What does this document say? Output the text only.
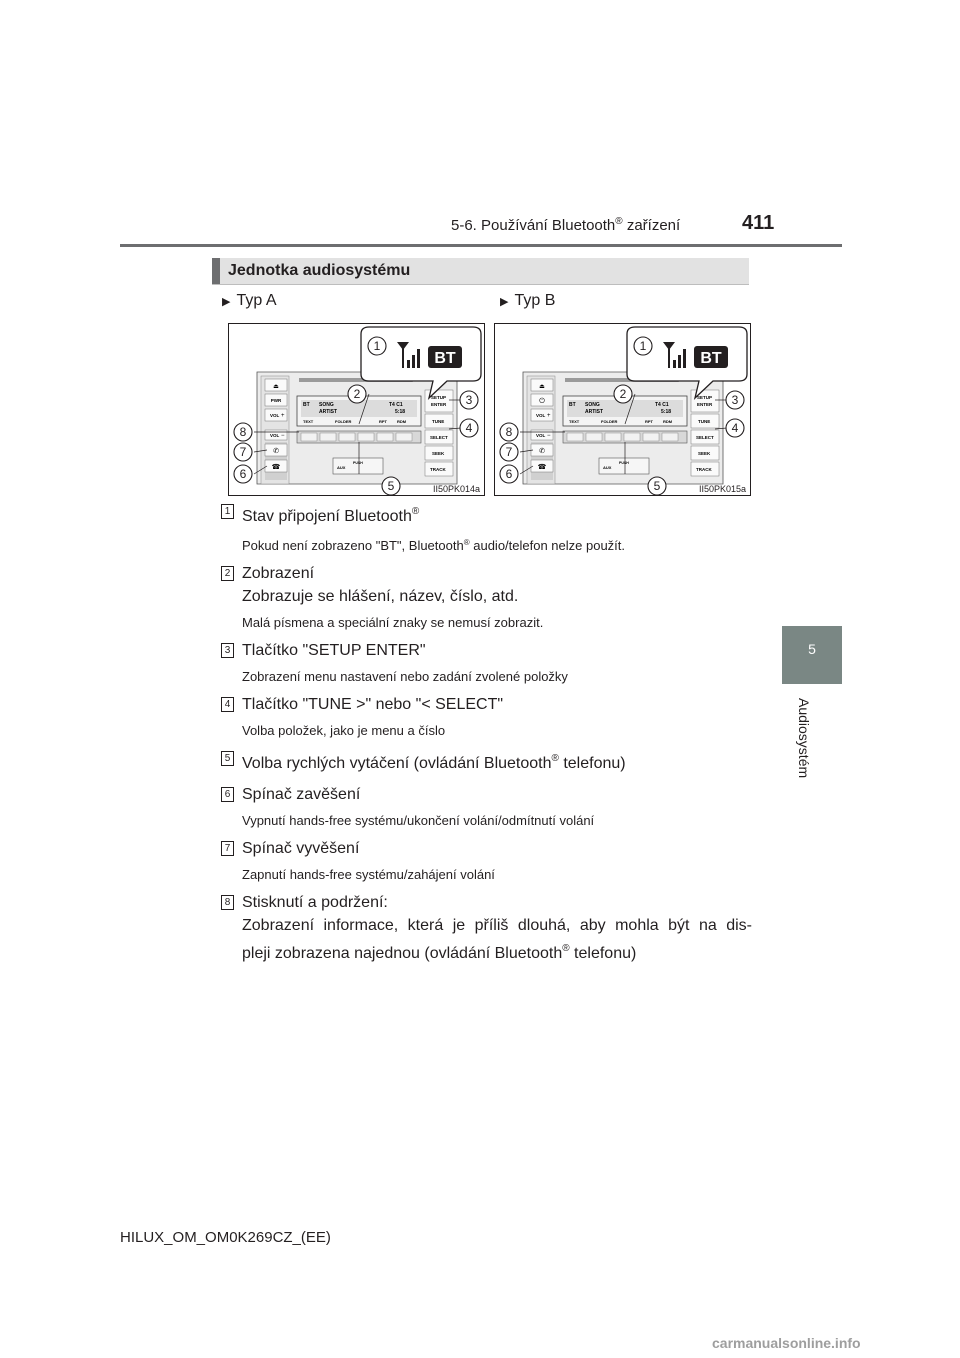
5-6. Používání Bluetooth® zařízení	411
5
Audiosystém
Jednotka audiosystému
▶ Typ A	▶ Typ B
⏏
PWR
VOL +
VOL −
✆
☎
BT SONG
ARTIST
T4 C1
5:18
TEXT	FOLDER	RPT	RDM
AUX
PUSH
SETUP
ENTER
TUNE
SELECT
SEEK
TRACK
BT
1
2	3
4
5
6
7
8
II50PK014a
⏏
⏻
VOL +
VOL −
✆
☎
BT SONG
ARTIST
T4 C1
5:18
TEXT	FOLDER	RPT	RDM
AUX
PUSH
SETUP
ENTER
TUNE
SELECT
SEEK
TRACK
BT
1
2	3
4
5
6
7
8
II50PK015a
1 Stav připojení Bluetooth®
Pokud není zobrazeno "BT", Bluetooth® audio/telefon nelze použít.
2 Zobrazení
Zobrazuje se hlášení, název, číslo, atd.
Malá písmena a speciální znaky se nemusí zobrazit.
3 Tlačítko "SETUP ENTER"
Zobrazení menu nastavení nebo zadání zvolené položky
4 Tlačítko "TUNE >" nebo "< SELECT"
Volba položek, jako je menu a číslo
5 Volba rychlých vytáčení (ovládání Bluetooth® telefonu)
6 Spínač zavěšení
Vypnutí hands-free systému/ukončení volání/odmítnutí volání
7 Spínač vyvěšení
Zapnutí hands-free systému/zahájení volání
8 Stisknutí a podržení:
Zobrazení informace, která je příliš dlouhá, aby mohla být na dis-
pleji zobrazena najednou (ovládání Bluetooth® telefonu)
HILUX_OM_OM0K269CZ_(EE)
carmanualsonline.info
